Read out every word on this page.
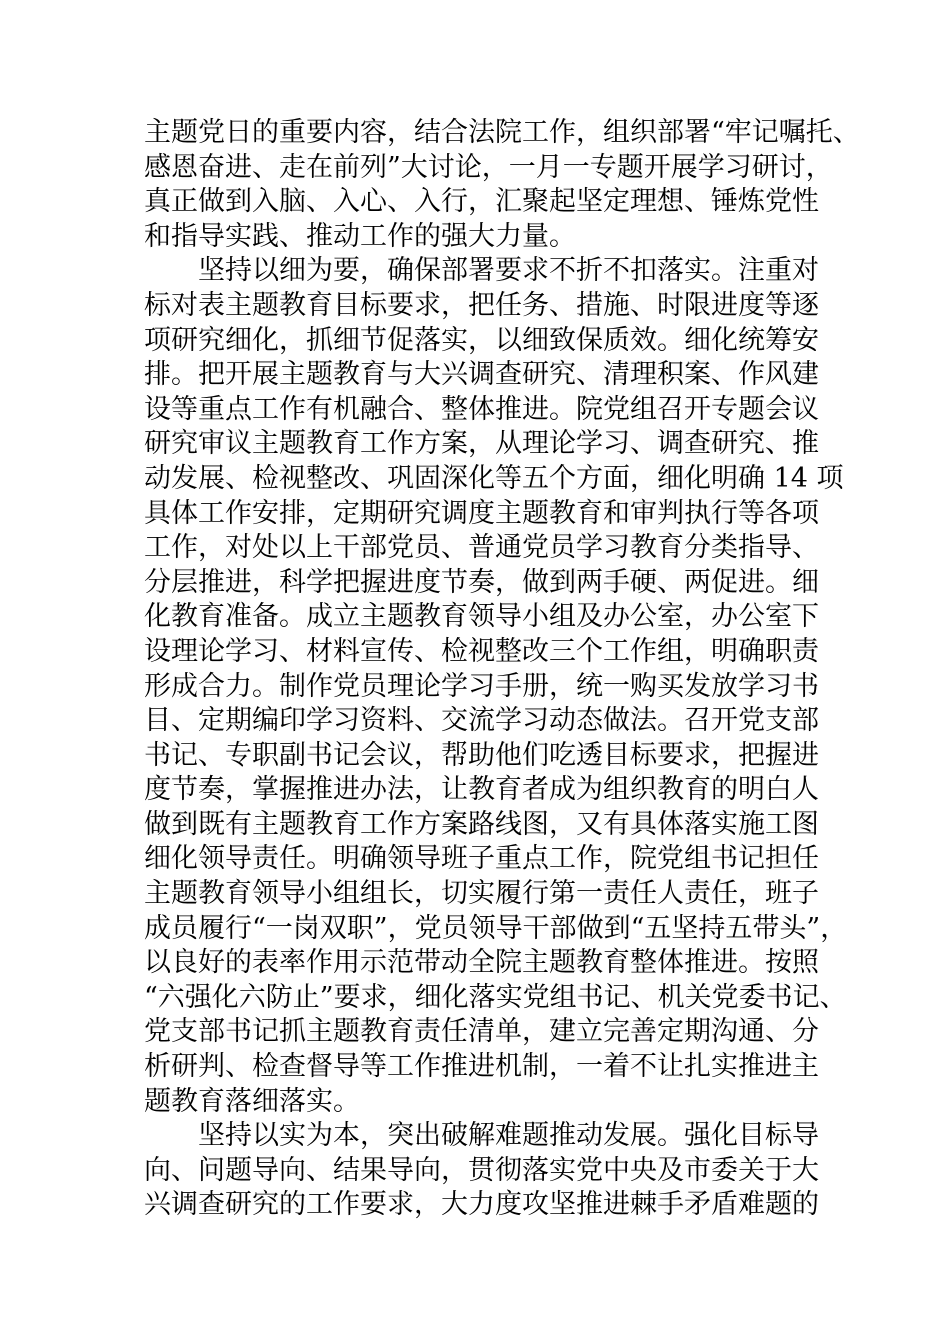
主题党日的重要内容，结合法院工作，组织部署“牢记嘱托、
感恩奋进、走在前列”大讨论，一月一专题开展学习研讨，
真正做到入脑、入心、入行，汇聚起坚定理想、锤炼党性
和指导实践、推动工作的强大力量。
坚持以细为要，确保部署要求不折不扣落实。注重对
标对表主题教育目标要求，把任务、措施、时限进度等逐
项研究细化，抓细节促落实，以细致保质效。细化统筹安
排。把开展主题教育与大兴调查研究、清理积案、作风建
设等重点工作有机融合、整体推进。院党组召开专题会议
研究审议主题教育工作方案，从理论学习、调查研究、推
动发展、检视整改、巩固深化等五个方面，细化明确 14 项
具体工作安排，定期研究调度主题教育和审判执行等各项
工作，对处以上干部党员、普通党员学习教育分类指导、
分层推进，科学把握进度节奏，做到两手硬、两促进。细
化教育准备。成立主题教育领导小组及办公室，办公室下
设理论学习、材料宣传、检视整改三个工作组，明确职责
形成合力。制作党员理论学习手册，统一购买发放学习书
目、定期编印学习资料、交流学习动态做法。召开党支部
书记、专职副书记会议，帮助他们吃透目标要求，把握进
度节奏，掌握推进办法，让教育者成为组织教育的明白人
做到既有主题教育工作方案路线图，又有具体落实施工图
细化领导责任。明确领导班子重点工作，院党组书记担任
主题教育领导小组组长，切实履行第一责任人责任，班子
成员履行“一岗双职”，党员领导干部做到“五坚持五带头”，
以良好的表率作用示范带动全院主题教育整体推进。按照
“六强化六防止”要求，细化落实党组书记、机关党委书记、
党支部书记抓主题教育责任清单，建立完善定期沟通、分
析研判、检查督导等工作推进机制，一着不让扎实推进主
题教育落细落实。
坚持以实为本，突出破解难题推动发展。强化目标导
向、问题导向、结果导向，贯彻落实党中央及市委关于大
兴调查研究的工作要求，大力度攻坚推进棘手矛盾难题的
